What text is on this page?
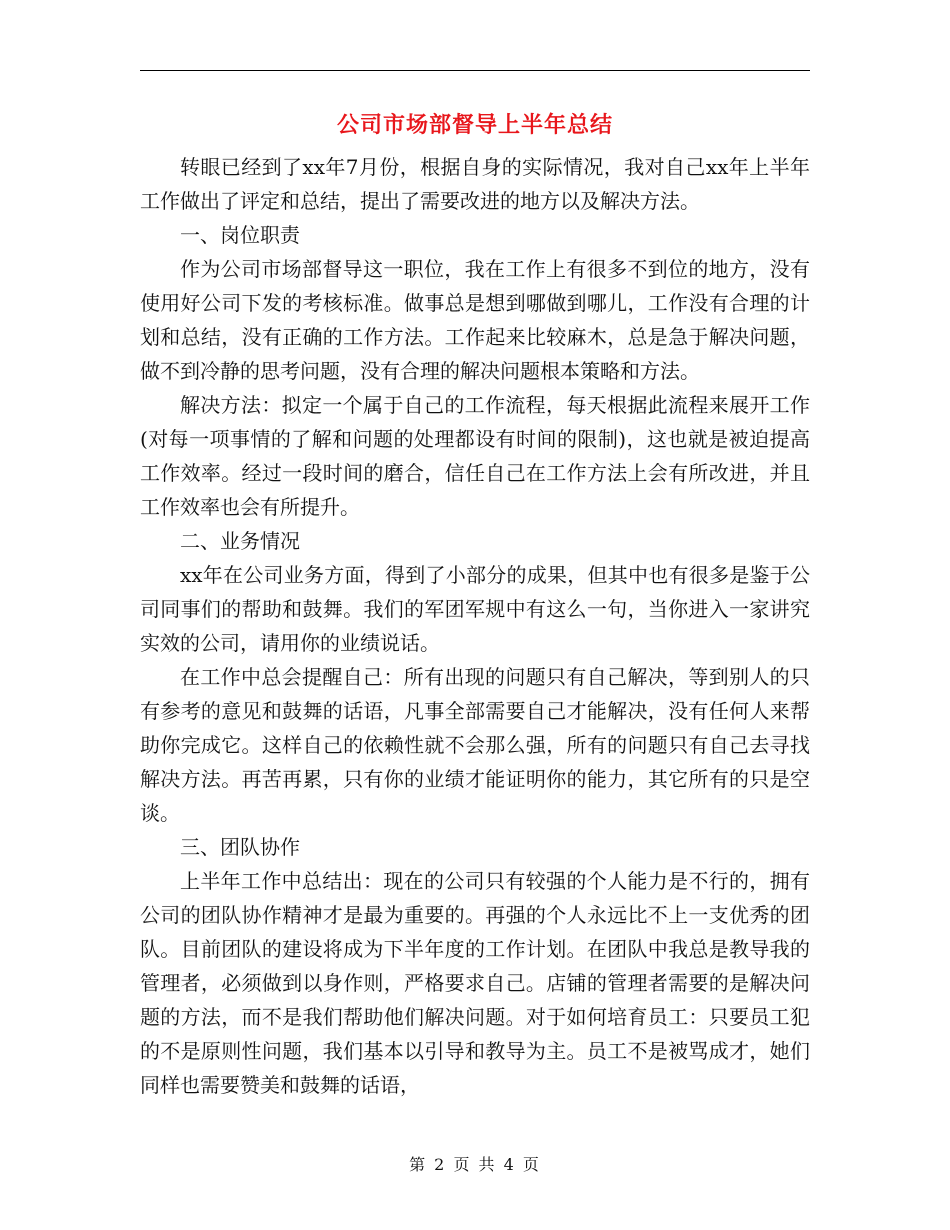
公司市场部督导上半年总结

转眼已经到了xx年7月份，根据自身的实际情况，我对自己xx年上半年工作做出了评定和总结，提出了需要改进的地方以及解决方法。

一、岗位职责

作为公司市场部督导这一职位，我在工作上有很多不到位的地方，没有使用好公司下发的考核标准。做事总是想到哪做到哪儿，工作没有合理的计划和总结，没有正确的工作方法。工作起来比较麻木，总是急于解决问题，做不到冷静的思考问题，没有合理的解决问题根本策略和方法。

解决方法：拟定一个属于自己的工作流程，每天根据此流程来展开工作(对每一项事情的了解和问题的处理都设有时间的限制)，这也就是被迫提高工作效率。经过一段时间的磨合，信任自己在工作方法上会有所改进，并且工作效率也会有所提升。

二、业务情况

xx年在公司业务方面，得到了小部分的成果，但其中也有很多是鉴于公司同事们的帮助和鼓舞。我们的军团军规中有这么一句，当你进入一家讲究实效的公司，请用你的业绩说话。

在工作中总会提醒自己：所有出现的问题只有自己解决，等到别人的只有参考的意见和鼓舞的话语，凡事全部需要自己才能解决，没有任何人来帮助你完成它。这样自己的依赖性就不会那么强，所有的问题只有自己去寻找解决方法。再苦再累，只有你的业绩才能证明你的能力，其它所有的只是空谈。

三、团队协作

上半年工作中总结出：现在的公司只有较强的个人能力是不行的，拥有公司的团队协作精神才是最为重要的。再强的个人永远比不上一支优秀的团队。目前团队的建设将成为下半年度的工作计划。在团队中我总是教导我的管理者，必须做到以身作则，严格要求自己。店铺的管理者需要的是解决问题的方法，而不是我们帮助他们解决问题。对于如何培育员工：只要员工犯的不是原则性问题，我们基本以引导和教导为主。员工不是被骂成才，她们同样也需要赞美和鼓舞的话语，

第 2 页 共 4 页
